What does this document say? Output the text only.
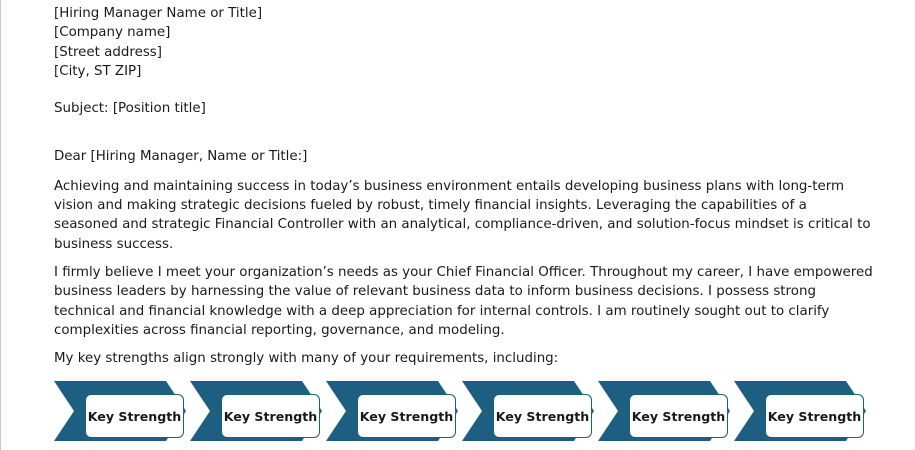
[Hiring Manager Name or Title]
[Company name]
[Street address]
[City, ST ZIP]
Subject: [Position title]
Dear [Hiring Manager, Name or Title:]
Achieving and maintaining success in today’s business environment entails developing business plans with long-term vision and making strategic decisions fueled by robust, timely financial insights. Leveraging the capabilities of a seasoned and strategic Financial Controller with an analytical, compliance-driven, and solution-focus mindset is critical to business success.
I firmly believe I meet your organization’s needs as your Chief Financial Officer. Throughout my career, I have empowered business leaders by harnessing the value of relevant business data to inform business decisions. I possess strong technical and financial knowledge with a deep appreciation for internal controls. I am routinely sought out to clarify complexities across financial reporting, governance, and modeling.
My key strengths align strongly with many of your requirements, including:
Key Strength	Key Strength	Key Strength	Key Strength	Key Strength	Key Strength
